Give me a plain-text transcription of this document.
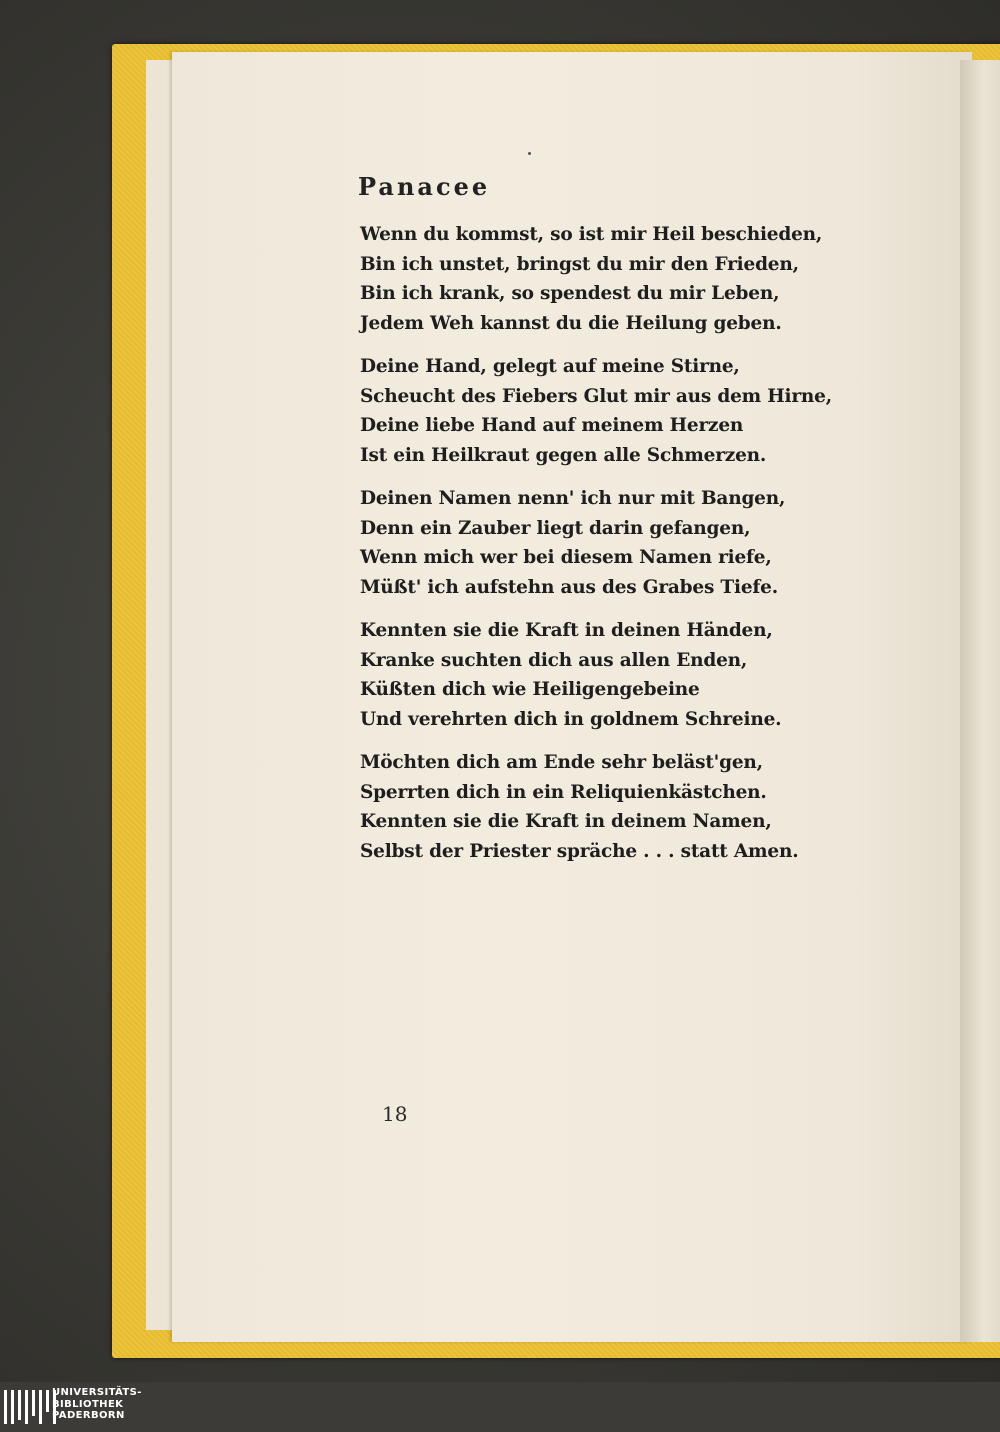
Panacee
Wenn du kommst, so ist mir Heil beschieden,
Bin ich unstet, bringst du mir den Frieden,
Bin ich krank, so spendest du mir Leben,
Jedem Weh kannst du die Heilung geben.
Deine Hand, gelegt auf meine Stirne,
Scheucht des Fiebers Glut mir aus dem Hirne,
Deine liebe Hand auf meinem Herzen
Ist ein Heilkraut gegen alle Schmerzen.
Deinen Namen nenn' ich nur mit Bangen,
Denn ein Zauber liegt darin gefangen,
Wenn mich wer bei diesem Namen riefe,
Müßt' ich aufstehn aus des Grabes Tiefe.
Kennten sie die Kraft in deinen Händen,
Kranke suchten dich aus allen Enden,
Küßten dich wie Heiligengebeine
Und verehrten dich in goldnem Schreine.
Möchten dich am Ende sehr beläst'gen,
Sperrten dich in ein Reliquienkästchen.
Kennten sie die Kraft in deinem Namen,
Selbst der Priester spräche . . . statt Amen.
18
UNIVERSITÄTS-
BIBLIOTHEK
PADERBORN
